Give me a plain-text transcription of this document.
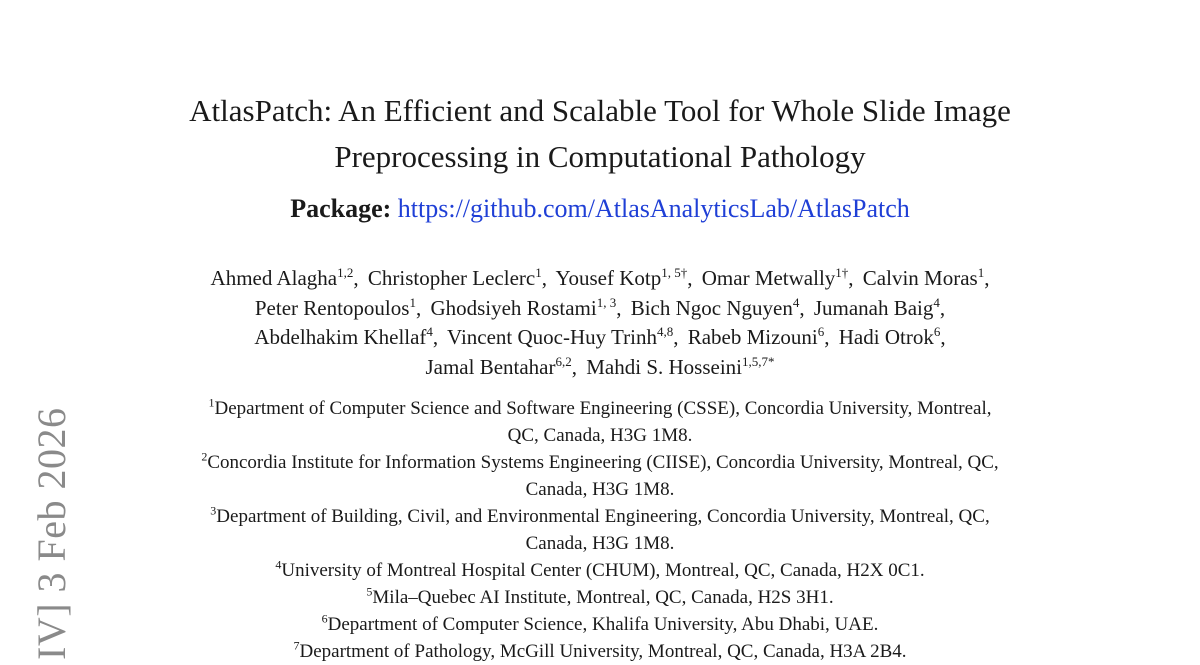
IV] 3 Feb 2026
AtlasPatch: An Efficient and Scalable Tool for Whole Slide Image
Preprocessing in Computational Pathology
Package: https://github.com/AtlasAnalyticsLab/AtlasPatch
Ahmed Alagha$^{1,2}$, Christopher Leclerc$^1$, Yousef Kotp$^{1, 5\dagger}$, Omar Metwally$^{1\dagger}$, Calvin Moras$^1$,
Peter Rentopoulos$^1$, Ghodsiyeh Rostami$^{1, 3}$, Bich Ngoc Nguyen$^4$, Jumanah Baig$^4$,
Abdelhakim Khellaf$^4$, Vincent Quoc-Huy Trinh$^{4,8}$, Rabeb Mizouni$^6$, Hadi Otrok$^6$,
Jamal Bentahar$^{6,2}$, Mahdi S. Hosseini$^{1,5,7*}$
$^1$Department of Computer Science and Software Engineering (CSSE), Concordia University, Montreal,
QC, Canada, H3G 1M8.
$^2$Concordia Institute for Information Systems Engineering (CIISE), Concordia University, Montreal, QC,
Canada, H3G 1M8.
$^3$Department of Building, Civil, and Environmental Engineering, Concordia University, Montreal, QC,
Canada, H3G 1M8.
$^4$University of Montreal Hospital Center (CHUM), Montreal, QC, Canada, H2X 0C1.
$^5$Mila–Quebec AI Institute, Montreal, QC, Canada, H2S 3H1.
$^6$Department of Computer Science, Khalifa University, Abu Dhabi, UAE.
$^7$Department of Pathology, McGill University, Montreal, QC, Canada, H3A 2B4.
